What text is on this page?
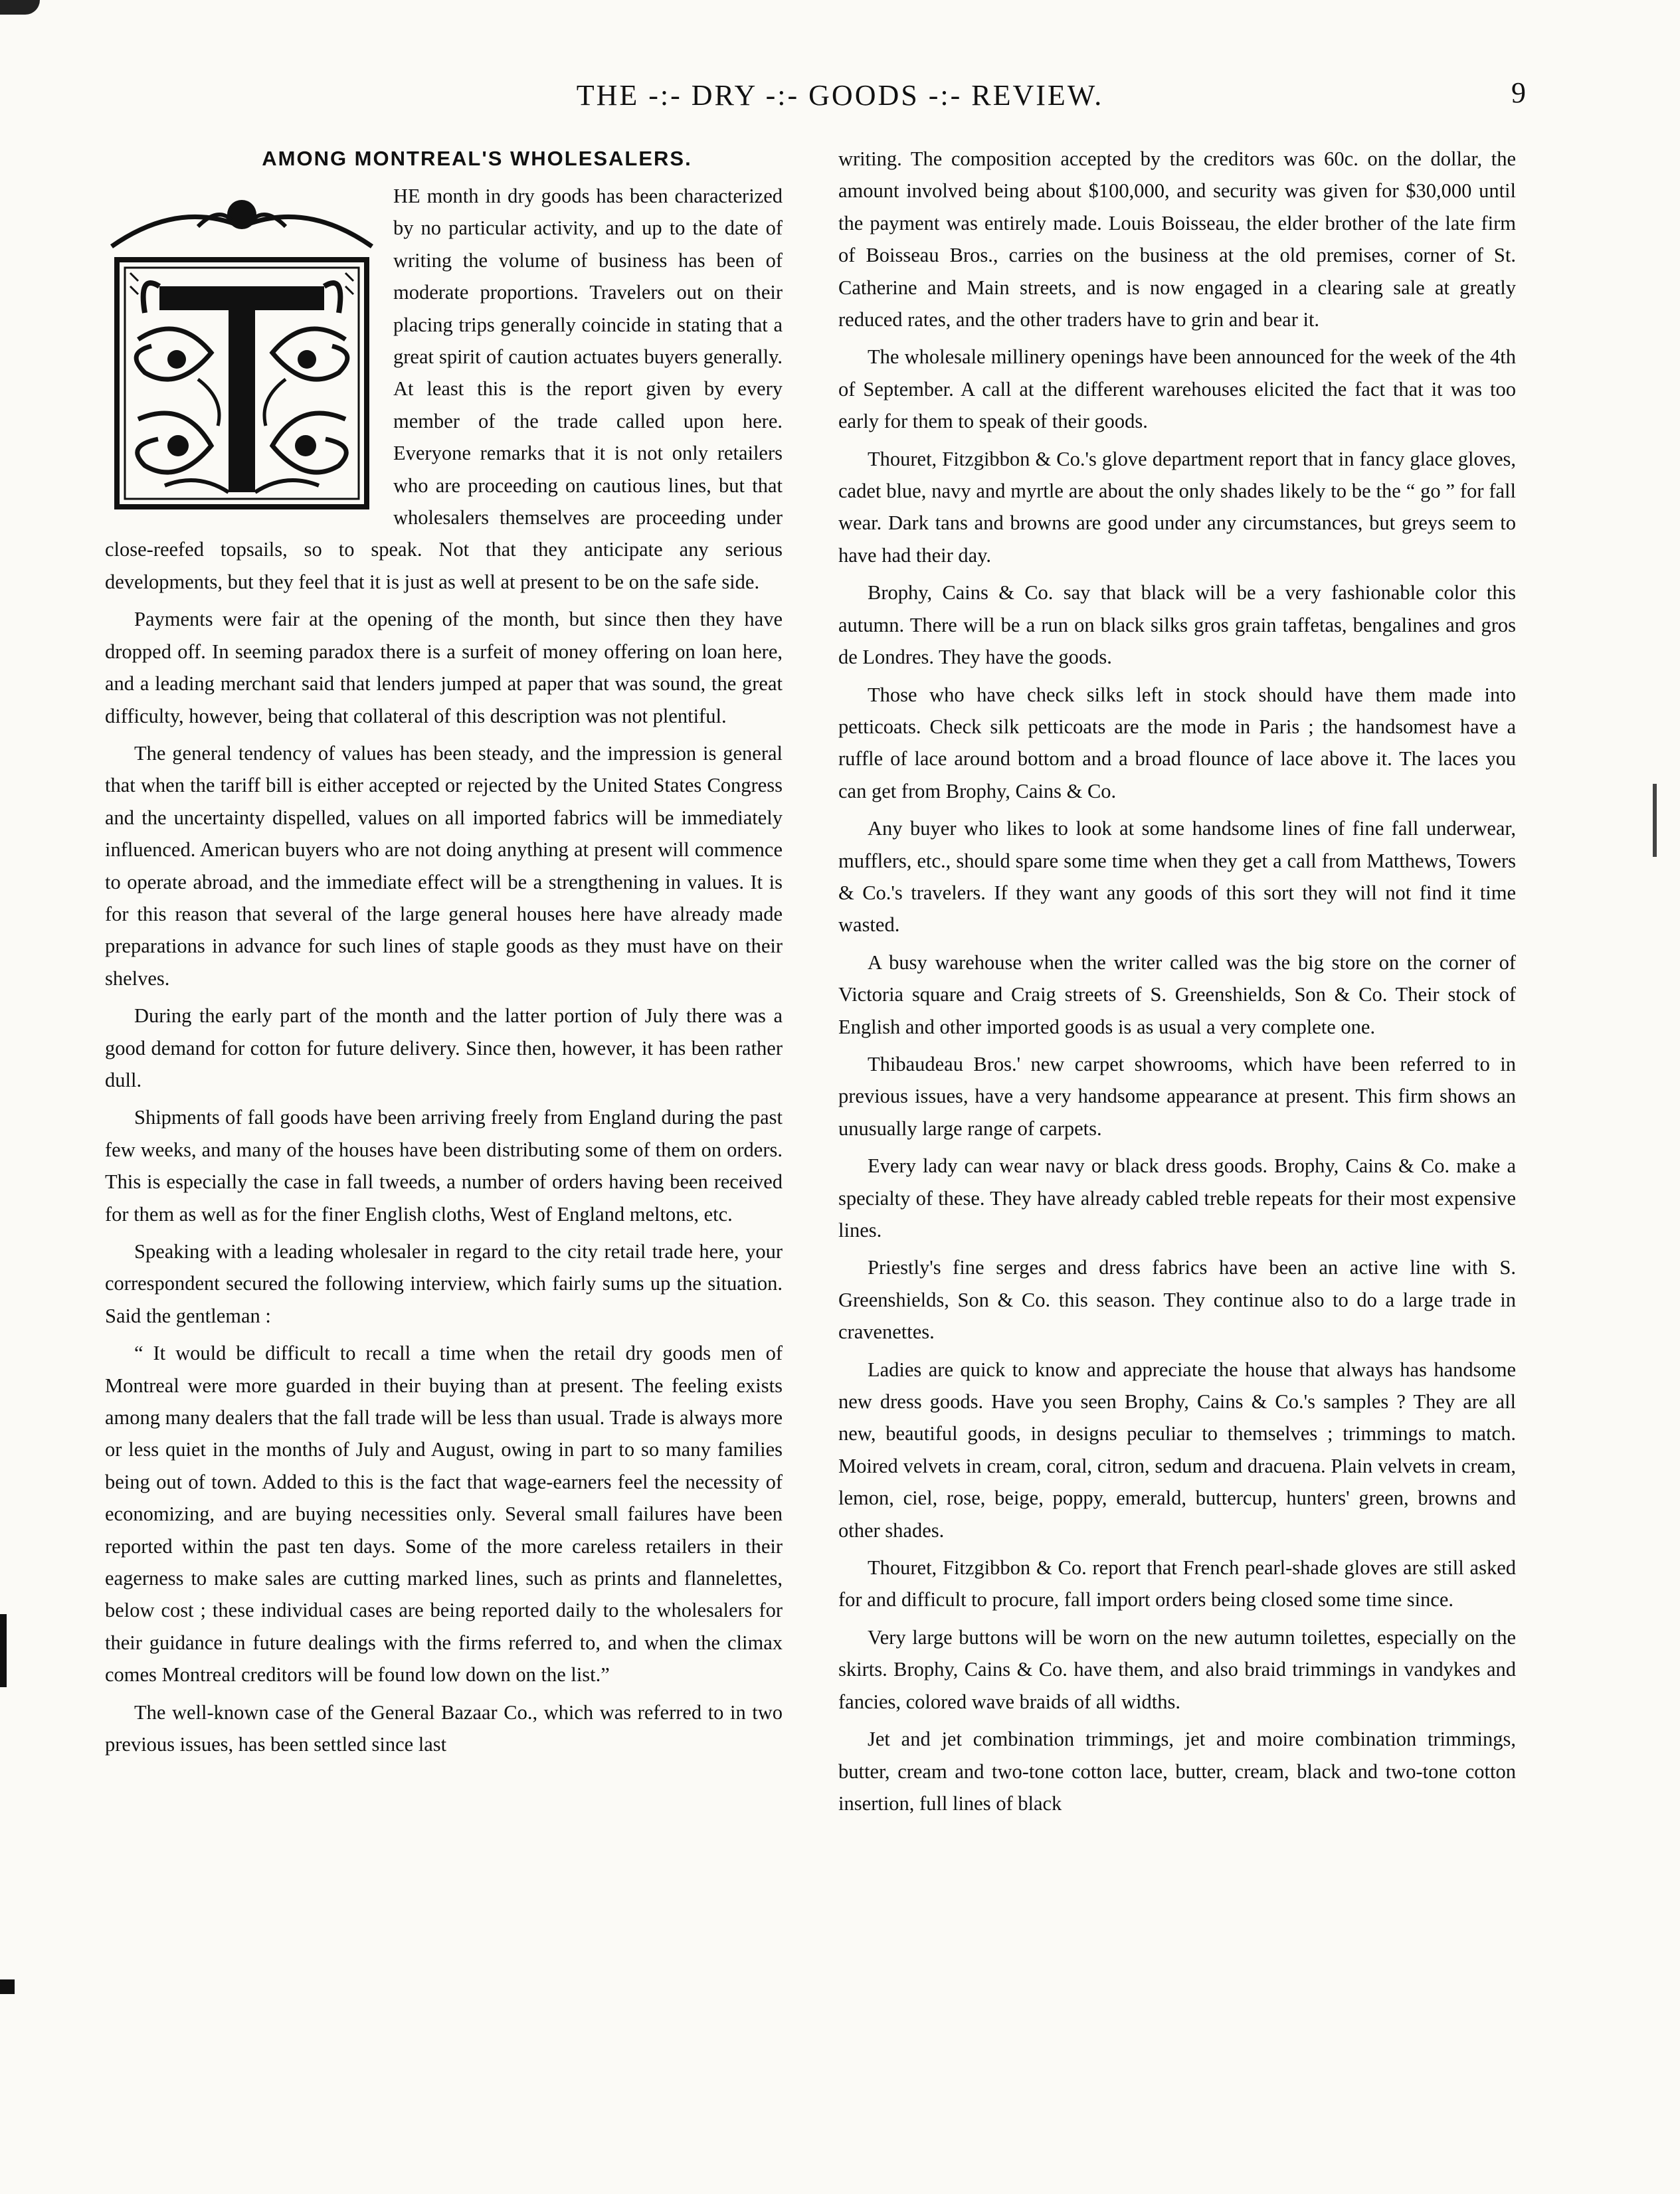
THE -:- DRY -:- GOODS -:- REVIEW.	9
AMONG MONTREAL'S WHOLESALERS.

HE month in dry goods has been characterized by no particular activity, and up to the date of writing the volume of business has been of moderate proportions. Travelers out on their placing trips generally coincide in stating that a great spirit of caution actuates buyers generally. At least this is the report given by every member of the trade called upon here. Everyone remarks that it is not only retailers who are proceeding on cautious lines, but that wholesalers themselves are proceeding under close-reefed topsails, so to speak. Not that they anticipate any serious developments, but they feel that it is just as well at present to be on the safe side.

Payments were fair at the opening of the month, but since then they have dropped off. In seeming paradox there is a surfeit of money offering on loan here, and a leading merchant said that lenders jumped at paper that was sound, the great difficulty, however, being that collateral of this description was not plentiful.

The general tendency of values has been steady, and the impression is general that when the tariff bill is either accepted or rejected by the United States Congress and the uncertainty dispelled, values on all imported fabrics will be immediately influenced. American buyers who are not doing anything at present will commence to operate abroad, and the immediate effect will be a strengthening in values. It is for this reason that several of the large general houses here have already made preparations in advance for such lines of staple goods as they must have on their shelves.

During the early part of the month and the latter portion of July there was a good demand for cotton for future delivery. Since then, however, it has been rather dull.

Shipments of fall goods have been arriving freely from England during the past few weeks, and many of the houses have been distributing some of them on orders. This is especially the case in fall tweeds, a number of orders having been received for them as well as for the finer English cloths, West of England meltons, etc.

Speaking with a leading wholesaler in regard to the city retail trade here, your correspondent secured the following interview, which fairly sums up the situation. Said the gentleman :

“ It would be difficult to recall a time when the retail dry goods men of Montreal were more guarded in their buying than at present. The feeling exists among many dealers that the fall trade will be less than usual. Trade is always more or less quiet in the months of July and August, owing in part to so many families being out of town. Added to this is the fact that wage-earners feel the necessity of economizing, and are buying necessities only. Several small failures have been reported within the past ten days. Some of the more careless retailers in their eagerness to make sales are cutting marked lines, such as prints and flannelettes, below cost ; these individual cases are being reported daily to the wholesalers for their guidance in future dealings with the firms referred to, and when the climax comes Montreal creditors will be found low down on the list.”

The well-known case of the General Bazaar Co., which was referred to in two previous issues, has been settled since last

writing. The composition accepted by the creditors was 60c. on the dollar, the amount involved being about $100,000, and security was given for $30,000 until the payment was entirely made. Louis Boisseau, the elder brother of the late firm of Boisseau Bros., carries on the business at the old premises, corner of St. Catherine and Main streets, and is now engaged in a clearing sale at greatly reduced rates, and the other traders have to grin and bear it.

The wholesale millinery openings have been announced for the week of the 4th of September. A call at the different warehouses elicited the fact that it was too early for them to speak of their goods.

Thouret, Fitzgibbon & Co.'s glove department report that in fancy glace gloves, cadet blue, navy and myrtle are about the only shades likely to be the “ go ” for fall wear. Dark tans and browns are good under any circumstances, but greys seem to have had their day.

Brophy, Cains & Co. say that black will be a very fashionable color this autumn. There will be a run on black silks gros grain taffetas, bengalines and gros de Londres. They have the goods.

Those who have check silks left in stock should have them made into petticoats. Check silk petticoats are the mode in Paris ; the handsomest have a ruffle of lace around bottom and a broad flounce of lace above it. The laces you can get from Brophy, Cains & Co.

Any buyer who likes to look at some handsome lines of fine fall underwear, mufflers, etc., should spare some time when they get a call from Matthews, Towers & Co.'s travelers. If they want any goods of this sort they will not find it time wasted.

A busy warehouse when the writer called was the big store on the corner of Victoria square and Craig streets of S. Greenshields, Son & Co. Their stock of English and other imported goods is as usual a very complete one.

Thibaudeau Bros.' new carpet showrooms, which have been referred to in previous issues, have a very handsome appearance at present. This firm shows an unusually large range of carpets.

Every lady can wear navy or black dress goods. Brophy, Cains & Co. make a specialty of these. They have already cabled treble repeats for their most expensive lines.

Priestly's fine serges and dress fabrics have been an active line with S. Greenshields, Son & Co. this season. They continue also to do a large trade in cravenettes.

Ladies are quick to know and appreciate the house that always has handsome new dress goods. Have you seen Brophy, Cains & Co.'s samples ? They are all new, beautiful goods, in designs peculiar to themselves ; trimmings to match. Moired velvets in cream, coral, citron, sedum and dracuena. Plain velvets in cream, lemon, ciel, rose, beige, poppy, emerald, buttercup, hunters' green, browns and other shades.

Thouret, Fitzgibbon & Co. report that French pearl-shade gloves are still asked for and difficult to procure, fall import orders being closed some time since.

Very large buttons will be worn on the new autumn toilettes, especially on the skirts. Brophy, Cains & Co. have them, and also braid trimmings in vandykes and fancies, colored wave braids of all widths.

Jet and jet combination trimmings, jet and moire combination trimmings, butter, cream and two-tone cotton lace, butter, cream, black and two-tone cotton insertion, full lines of black
